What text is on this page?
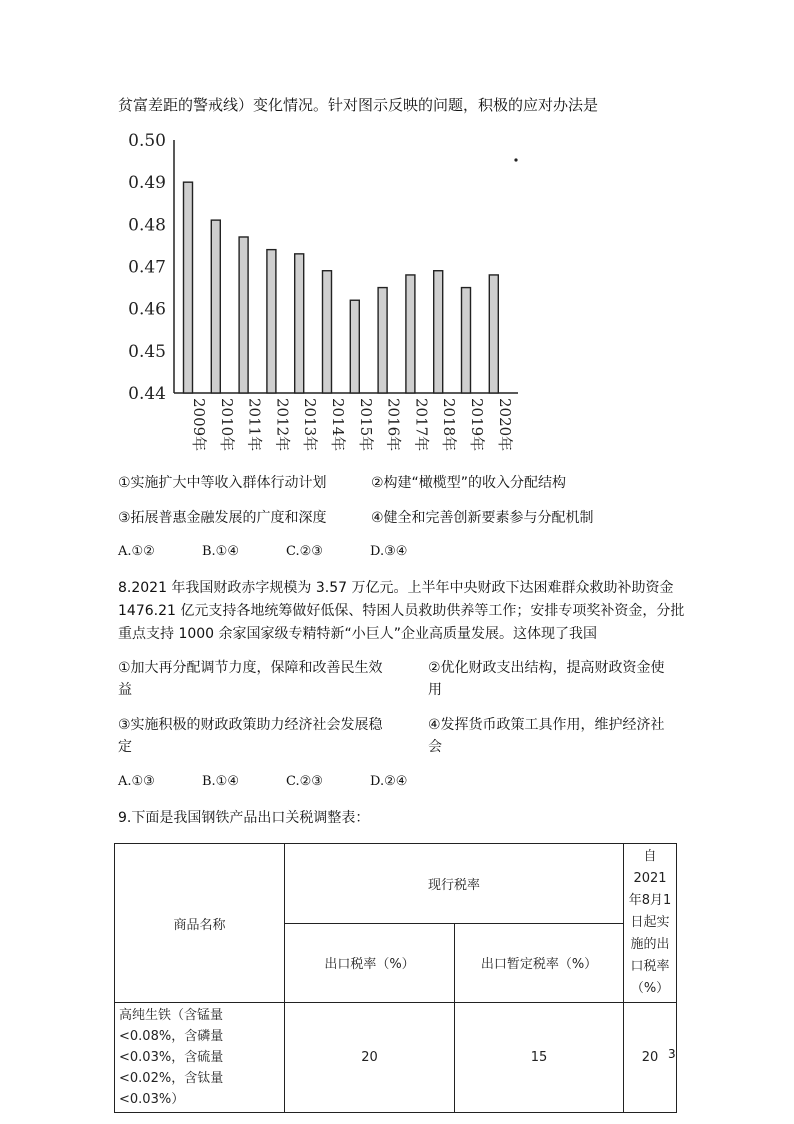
贫富差距的警戒线）变化情况。针对图示反映的问题，积极的应对办法是
0.50
0.49
0.48
0.47
0.46
0.45
0.44
2009年 2010年 2011年 2012年 2013年 2014年 2015年 2016年 2017年 2018年 2019年 2020年
①实施扩大中等收入群体行动计划	②构建“橄榄型”的收入分配结构
③拓展普惠金融发展的广度和深度	④健全和完善创新要素参与分配机制
A.①②	B.①④	C.②③	D.③④
8.2021 年我国财政赤字规模为 3.57 万亿元。上半年中央财政下达困难群众救助补助资金
1476.21 亿元支持各地统筹做好低保、特困人员救助供养等工作；安排专项奖补资金，分批
重点支持 1000 余家国家级专精特新“小巨人”企业高质量发展。这体现了我国
①加大再分配调节力度，保障和改善民生效益
②优化财政支出结构，提高财政资金使用
③实施积极的财政政策助力经济社会发展稳定
④发挥货币政策工具作用，维护经济社会
A.①③	B.①④	C.②③	D.②④
9.下面是我国钢铁产品出口关税调整表：
商品名称	现行税率		自2021年8月1日起实施的出口税率（%）
	出口税率（%）	出口暂定税率（%）	
高纯生铁（含锰量<0.08%，含磷量<0.03%，含硫量<0.02%，含钛量<0.03%）	20	15	20 3
